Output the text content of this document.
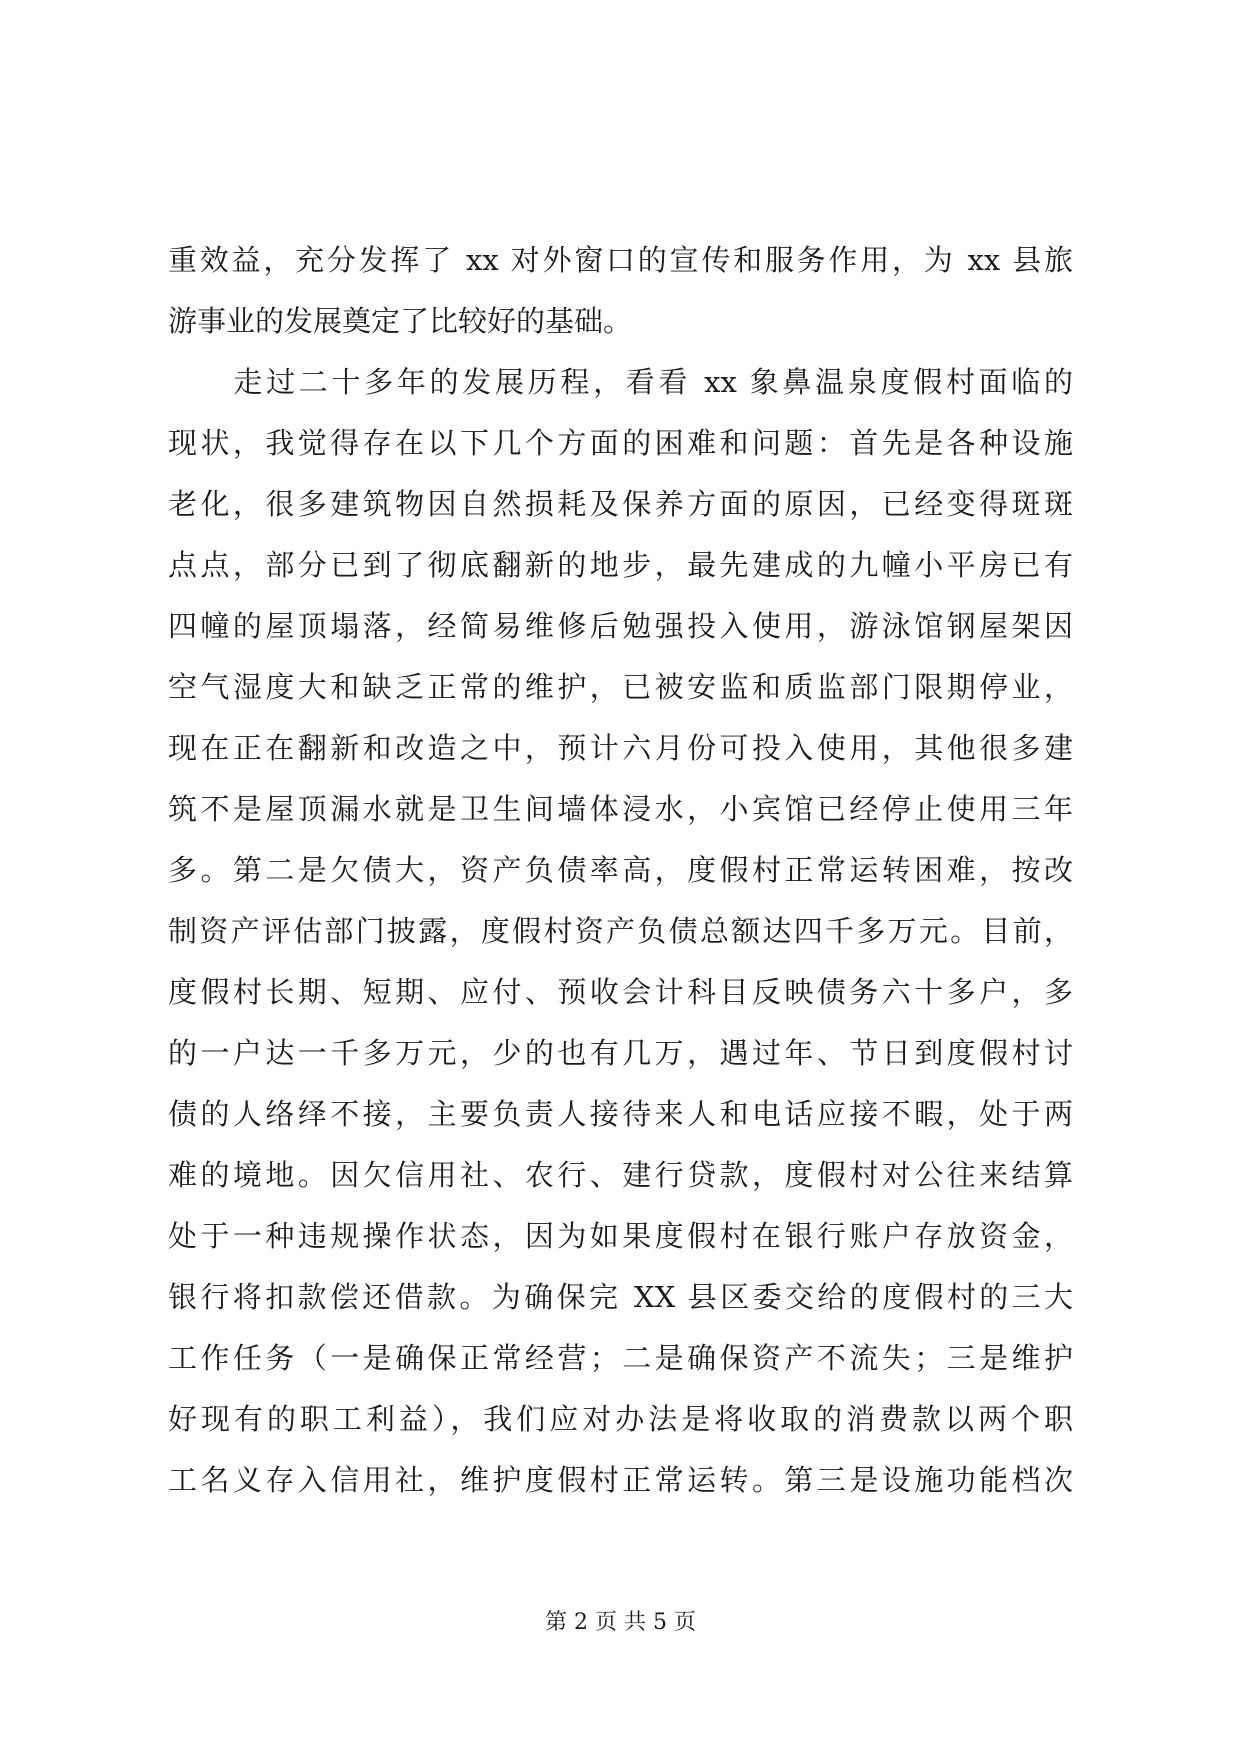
重效益，充分发挥了 xx 对外窗口的宣传和服务作用，为 xx 县旅
游事业的发展奠定了比较好的基础。
　　走过二十多年的发展历程，看看 xx 象鼻温泉度假村面临的
现状，我觉得存在以下几个方面的困难和问题：首先是各种设施
老化，很多建筑物因自然损耗及保养方面的原因，已经变得斑斑
点点，部分已到了彻底翻新的地步，最先建成的九幢小平房已有
四幢的屋顶塌落，经简易维修后勉强投入使用，游泳馆钢屋架因
空气湿度大和缺乏正常的维护，已被安监和质监部门限期停业，
现在正在翻新和改造之中，预计六月份可投入使用，其他很多建
筑不是屋顶漏水就是卫生间墙体浸水，小宾馆已经停止使用三年
多。第二是欠债大，资产负债率高，度假村正常运转困难，按改
制资产评估部门披露，度假村资产负债总额达四千多万元。目前，
度假村长期、短期、应付、预收会计科目反映债务六十多户，多
的一户达一千多万元，少的也有几万，遇过年、节日到度假村讨
债的人络绎不接，主要负责人接待来人和电话应接不暇，处于两
难的境地。因欠信用社、农行、建行贷款，度假村对公往来结算
处于一种违规操作状态，因为如果度假村在银行账户存放资金，
银行将扣款偿还借款。为确保完 XX 县区委交给的度假村的三大
工作任务（一是确保正常经营；二是确保资产不流失；三是维护
好现有的职工利益），我们应对办法是将收取的消费款以两个职
工名义存入信用社，维护度假村正常运转。第三是设施功能档次
第 2 页 共 5 页
